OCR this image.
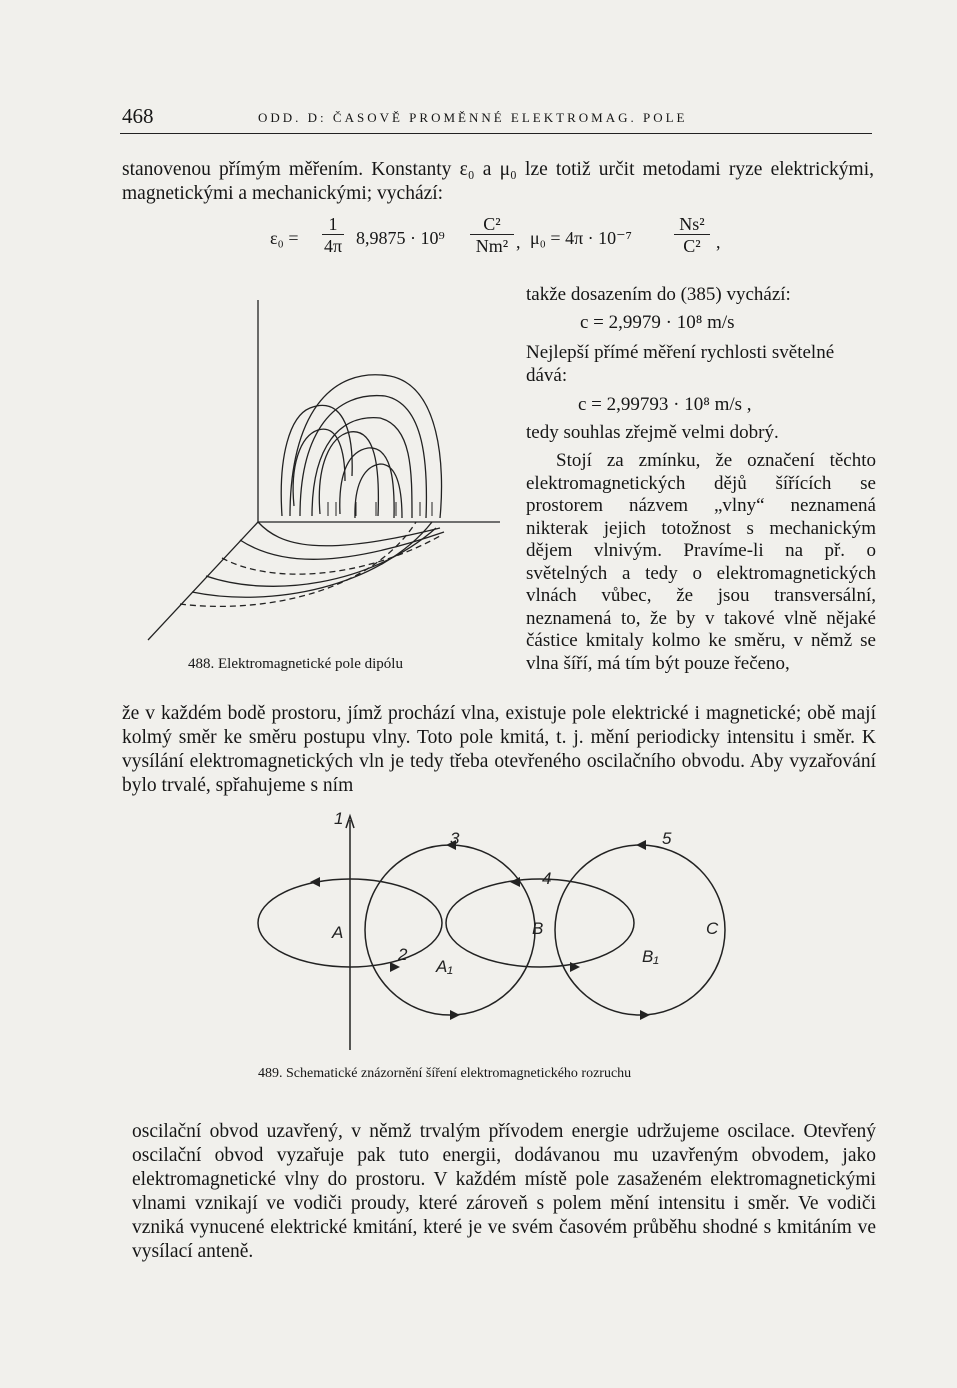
468	ODD. D: ČASOVĚ PROMĚNNÉ ELEKTROMAG. POLE
stanovenou přímým měřením. Konstanty ε₀ a μ₀ lze totiž určit metodami ryze elektrickými, magnetickými a mechanickými; vychází:
$\varepsilon_0 = \frac{1}{4\pi} 8,9875 \cdot 10^9 \frac{\text{C²}}{\text{Nm²}}$ , $\mu_0 = 4\pi \cdot 10^{-7} \frac{\text{Ns²}}{\text{C²}}$ ,
488. Elektromagnetické pole dipólu
takže dosazením do (385) vychází:
c = 2,9979 · 10⁸ m/s
Nejlepší přímé měření rychlosti světelné dává:
c = 2,99793 · 10⁸ m/s ,
tedy souhlas zřejmě velmi dobrý.
Stojí za zmínku, že označení těchto elektromagnetických dějů šířících se prostorem názvem „vlny“ neznamená nikterak jejich totožnost s mechanickým dějem vlnivým. Pravíme-li na př. o světelných a tedy o elektromagnetických vlnách vůbec, že jsou transversální, neznamená to, že by v takové vlně nějaké částice kmitaly kolmo ke směru, v němž se vlna šíří, má tím být pouze řečeno,
že v každém bodě prostoru, jímž prochází vlna, existuje pole elektrické i magnetické; obě mají kolmý směr ke směru postupu vlny. Toto pole kmitá, t. j. mění periodicky intensitu i směr. K vysílání elektromagnetických vln je tedy třeba otevřeného oscilačního obvodu. Aby vyzařování bylo trvalé, spřahujeme s ním
1
2
3
4
5
A
A₁
B
B₁
C
489. Schematické znázornění šíření elektromagnetického rozruchu
oscilační obvod uzavřený, v němž trvalým přívodem energie udržujeme oscilace. Otevřený oscilační obvod vyzařuje pak tuto energii, dodávanou mu uzavřeným obvodem, jako elektromagnetické vlny do prostoru. V každém místě pole zasaženém elektromagnetickými vlnami vznikají ve vodiči proudy, které zároveň s polem mění intensitu i směr. Ve vodiči vzniká vynucené elektrické kmitání, které je ve svém časovém průběhu shodné s kmitáním ve vysílací anteně.
